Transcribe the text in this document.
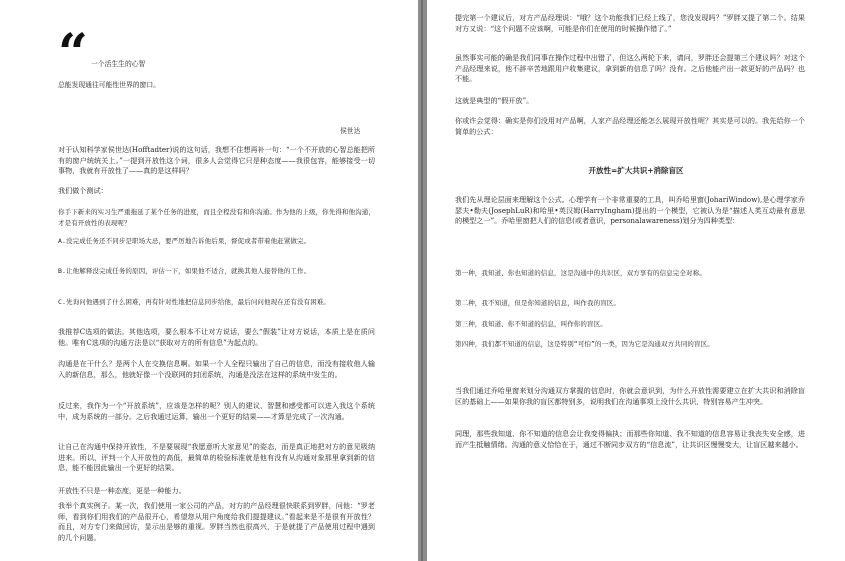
“ 一个活生生的心智
总能发现通往可能性世界的窗口。
侯世达

对于认知科学家侯世达(Hofftadter)说的这句话，我想不住想再补一句：“一个不开放的心智总能把所有的窗户统统关上。”一提到开放性这个词，很多人会觉得它只是种态度——我很包容，能够接受一切事物，我就有开放性了——真的是这样吗？

我们做个测试：

你手下新来的实习生严重拖延了某个任务的进度，而且全程没有和你沟通。作为他的上级，你先得和他沟通，才是有开放性的表现呢？

A.没完成任务还不同步是职场大忌，要严厉地告诉他后果，督促或者带着他赶紧做完。

B.让他解释没完成任务的原因，评估一下，如果他不适合，就换其他人接替他的工作。

C.先询问他遇到了什么困难，再有针对性地把信息同步给他，最后问问他现在还有没有困难。

我推荐C选项的做法。其他选项，要么根本不让对方说话，要么“假装”让对方说话，本质上是在质问他。唯有C选项的沟通方法是以“获取对方的所有信息”为起点的。

沟通是在干什么？是两个人在交换信息啊。如果一个人全程只输出了自己的信息，而没有接收他人输入的新信息，那么，他就好像一个没联网的封闭系统，沟通是没法在这样的系统中发生的。

反过来，我作为一个“开放系统”，应该是怎样的呢？别人的建议、智慧和感受都可以进入我这个系统中，成为系统的一部分。之后我通过运算，输出一个更好的结果——才算是完成了一次沟通。

让自己在沟通中保持开放性，不是要展现“我愿意听大家意见”的姿态，而是真正地把对方的意见吸纳进来。所以，评判一个人开放性的高低，最简单的检验标准就是他有没有从沟通对象那里拿到新的信息，能不能因此输出一个更好的结果。

开放性不只是一种态度，更是一种能力。

我举个真实例子。某一次，我们使用一家公司的产品，对方的产品经理很快联系到罗胖，问他：“罗老师，看到你们用我们的产品很开心，希望您从用户角度给我们提提建议。”看起来是不是很有开放性？而且，对方专门来做回访，显示出是够的重视。罗胖当然也很高兴，于是就提了产品使用过程中遇到的几个问题。

提完第一个建议后，对方产品经理说：“哦？这个功能我们已经上线了，您没发现吗？”罗胖又提了第二个。结果对方又说：“这个问题不应该啊，可能是你们在使用的时候操作错了。”

虽然事实可能的确是我们同事在操作过程中出错了，但这么两轮下来，请问，罗胖还会提第三个建议吗？对这个产品经理来说，他不辞辛苦地跟用户收集建议，拿到新的信息了吗？没有。之后他能产出一款更好的产品吗？也不能。

这就是典型的“假开放”。

你或许会觉得：确实是你们没用对产品啊，人家产品经理还能怎么展现开放性呢？其实是可以的。我先给你一个简单的公式：

开放性=扩大共识+消除盲区

我们先从理论层面来理解这个公式。心理学有一个非常重要的工具，叫乔哈里窗(JohariWindow),是心理学家乔瑟夫•勒夫(JosephLuR)和哈里•英汉姆(HarryIngham)提出的一个模型，它被认为是“描述人类互动最有意思的模型之一”。乔哈里窗把人们的信息(或者意识，personalawareness)划分为四种类型：

第一种，我知道、你也知道的信息，这是沟通中的共识区，双方享有的信息完全对称。

第二种，我不知道，但是你知道的信息，叫作我的盲区。

第三种，我知道、你不知道的信息，叫作你的盲区。

第四种，我们都不知道的信息，这是特别“可怕”的一类，因为它是沟通双方共同的盲区。

当我们通过乔哈里窗来划分沟通双方掌握的信息时，你就会意识到，为什么开放性需要建立在扩大共识和消除盲区的基础上——如果你我的盲区都特别多，说明我们在沟通事项上没什么共识，特别容易产生冲突。

同理，那些我知道、你不知道的信息会让我变得偏执；而那些你知道、我不知道的信息容易让我丧失安全感，进而产生抵触情绪。沟通的意义恰恰在于，通过不断同步双方的“信息流”，让共识区慢慢变大，让盲区越来越小。
